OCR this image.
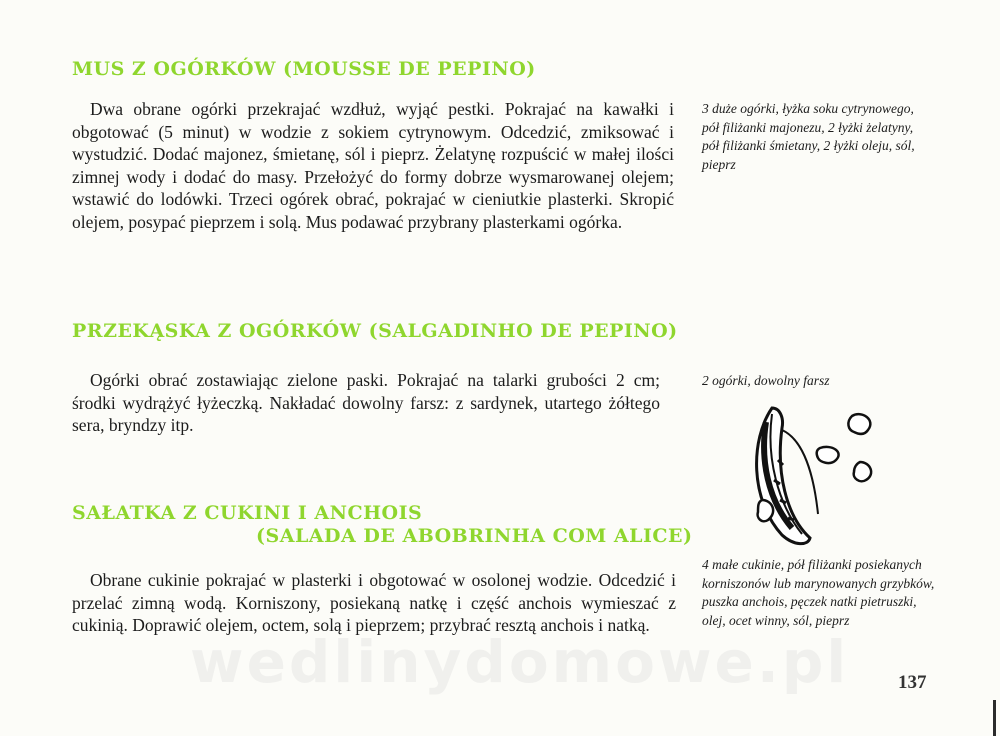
MUS Z OGÓRKÓW (MOUSSE DE PEPINO)

Dwa obrane ogórki przekrajać wzdłuż, wyjąć pestki. Pokrajać na kawałki i obgotować (5 minut) w wodzie z sokiem cytrynowym. Odcedzić, zmiksować i wystudzić. Dodać majonez, śmietanę, sól i pieprz. Żelatynę rozpuścić w małej ilości zimnej wody i dodać do masy. Przełożyć do formy dobrze wysmarowanej olejem; wstawić do lodówki. Trzeci ogórek obrać, pokrajać w cieniutkie plasterki. Skropić olejem, posypać pieprzem i solą. Mus podawać przybrany plasterkami ogórka.

3 duże ogórki, łyżka soku cytrynowego, pół filiżanki majonezu, 2 łyżki żelatyny, pół filiżanki śmietany, 2 łyżki oleju, sól, pieprz

PRZEKĄSKA Z OGÓRKÓW (SALGADINHO DE PEPINO)

Ogórki obrać zostawiając zielone paski. Pokrajać na talarki grubości 2 cm; środki wydrążyć łyżeczką. Nakładać dowolny farsz: z sardynek, utartego żółtego sera, bryndzy itp.

2 ogórki, dowolny farsz

SAŁATKA Z CUKINI I ANCHOIS
(SALADA DE ABOBRINHA COM ALICE)

Obrane cukinie pokrajać w plasterki i obgotować w osolonej wodzie. Odcedzić i przelać zimną wodą. Korniszony, posiekaną natkę i część anchois wymieszać z cukinią. Doprawić olejem, octem, solą i pieprzem; przybrać resztą anchois i natką.

4 małe cukinie, pół filiżanki posiekanych korniszonów lub marynowanych grzybków, puszka anchois, pęczek natki pietruszki, olej, ocet winny, sól, pieprz

wedlinydomowe.pl	137
